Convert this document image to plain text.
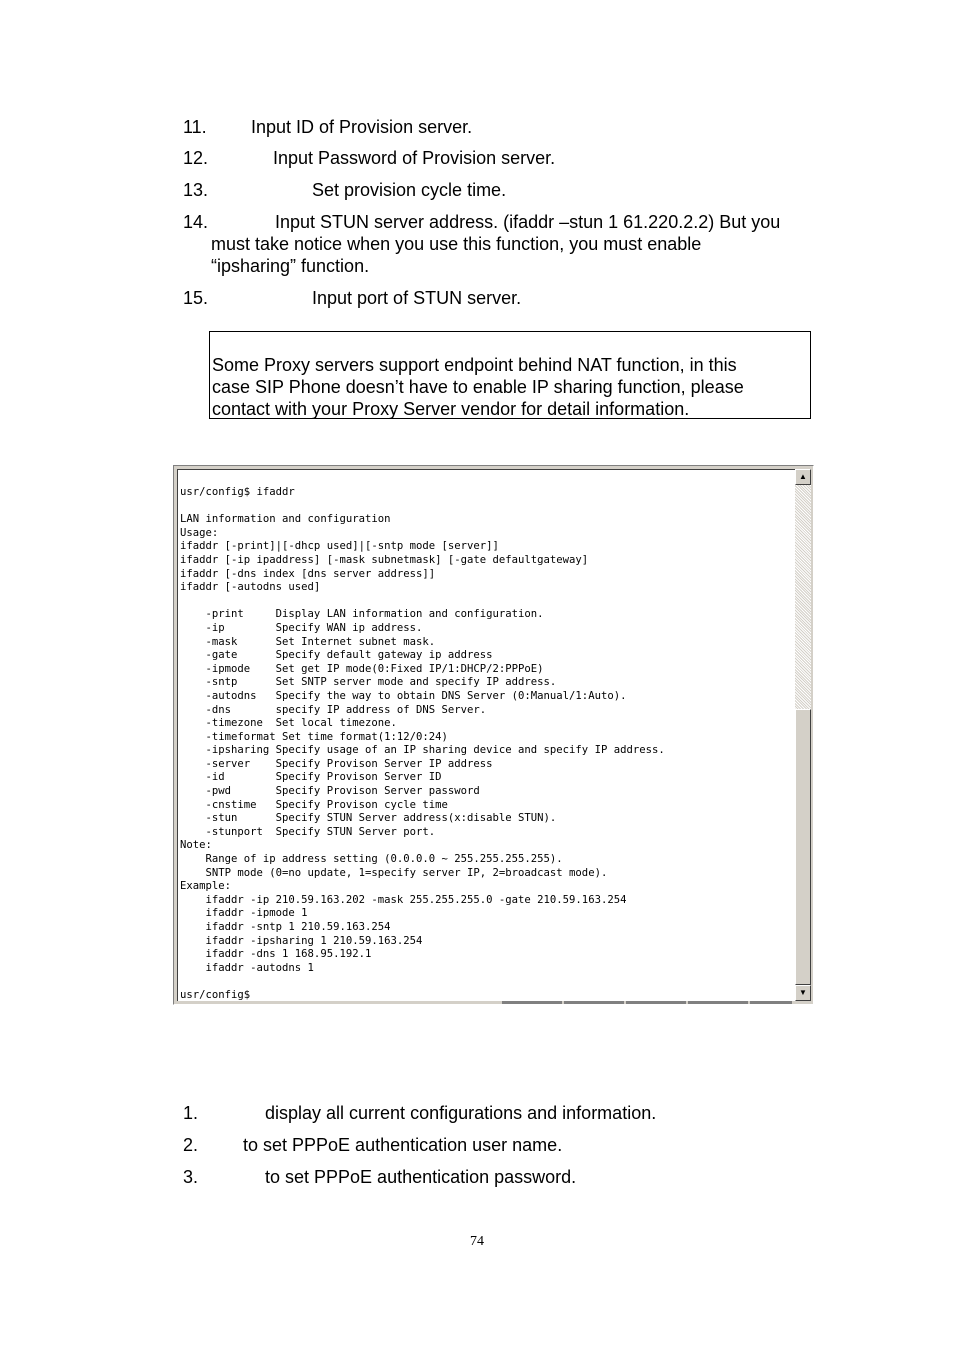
11. Input ID of Provision server.
12.	Input Password of Provision server.
13.	Set provision cycle time.
14.	Input STUN server address. (ifaddr –stun 1 61.220.2.2) But you
must take notice when you use this function, you must enable
“ipsharing” function.
15.	Input port of STUN server.
Some Proxy servers support endpoint behind NAT function, in this
case SIP Phone doesn’t have to enable IP sharing function, please
contact with your Proxy Server vendor for detail information.
usr/config$ ifaddr

LAN information and configuration
Usage:
ifaddr [-print]|[-dhcp used]|[-sntp mode [server]]
ifaddr [-ip ipaddress] [-mask subnetmask] [-gate defaultgateway]
ifaddr [-dns index [dns server address]]
ifaddr [-autodns used]

-print     Display LAN information and configuration.
-ip        Specify WAN ip address.
-mask      Set Internet subnet mask.
-gate      Specify default gateway ip address
-ipmode    Set get IP mode(0:Fixed IP/1:DHCP/2:PPPoE)
-sntp      Set SNTP server mode and specify IP address.
-autodns   Specify the way to obtain DNS Server (0:Manual/1:Auto).
-dns       specify IP address of DNS Server.
-timezone  Set local timezone.
-timeformat Set time format(1:12/0:24)
-ipsharing Specify usage of an IP sharing device and specify IP address.
-server    Specify Provison Server IP address
-id        Specify Provison Server ID
-pwd       Specify Provison Server password
-cnstime   Specify Provison cycle time
-stun      Specify STUN Server address(x:disable STUN).
-stunport  Specify STUN Server port.
Note:
Range of ip address setting (0.0.0.0 ~ 255.255.255.255).
SNTP mode (0=no update, 1=specify server IP, 2=broadcast mode).
Example:
ifaddr -ip 210.59.163.202 -mask 255.255.255.0 -gate 210.59.163.254
ifaddr -ipmode 1
ifaddr -sntp 1 210.59.163.254
ifaddr -ipsharing 1 210.59.163.254
ifaddr -dns 1 168.95.192.1
ifaddr -autodns 1

usr/config$
▲
▼
1.	display all current configurations and information.
2. to set PPPoE authentication user name.
3.	to set PPPoE authentication password.
74
